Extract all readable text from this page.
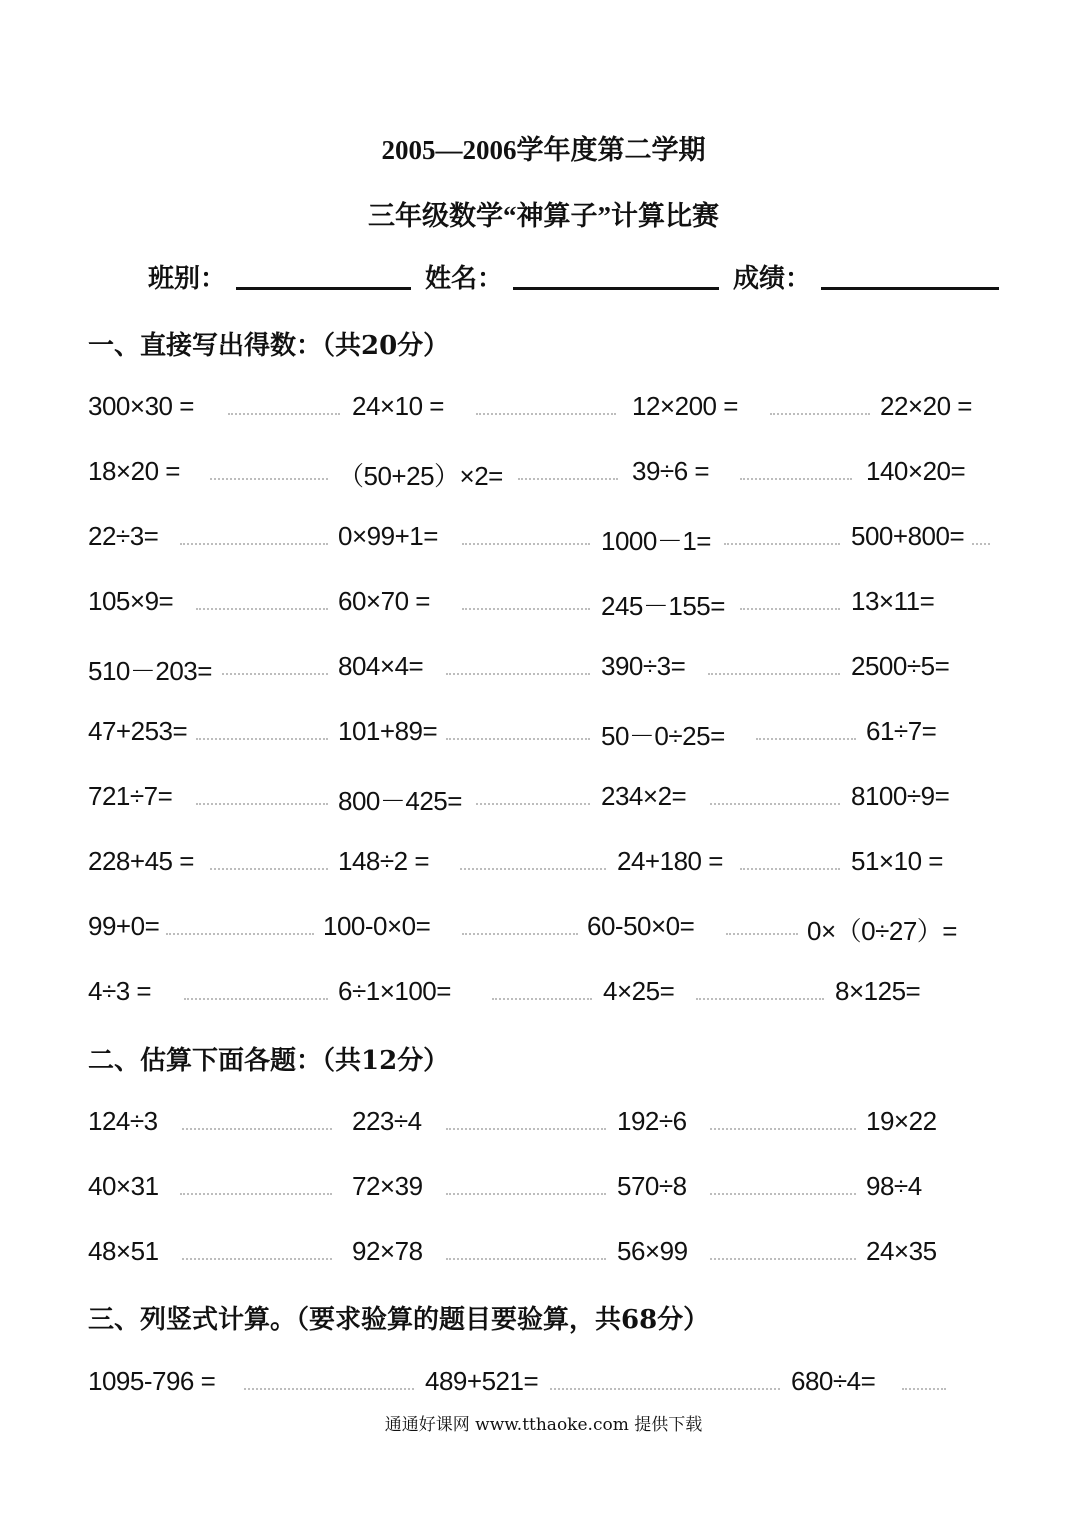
2005—2006学年度第二学期
三年级数学“神算子”计算比赛
班别：	姓名：	成绩：
一、直接写出得数：（共20分）
300×30 =	24×10 =	12×200 =	22×20 =
18×20 =	（50+25）×2=	39÷6 =	140×20=
22÷3=	0×99+1=	1000－1=	500+800=
105×9=	60×70 =	245－155=	13×11=
510－203=	804×4=	390÷3=	2500÷5=
47+253=	101+89=	50－0÷25=	61÷7=
721÷7=	800－425=	234×2=	8100÷9=
228+45 =	148÷2 =	24+180 =	51×10 =
99+0=	100-0×0=	60-50×0=	0×（0÷27）=
4÷3 =	6÷1×100=	4×25=	8×125=
二、估算下面各题：（共12分）
124÷3	223÷4	192÷6	19×22
40×31	72×39	570÷8	98÷4
48×51	92×78	56×99	24×35
三、列竖式计算。（要求验算的题目要验算，共68分）
1095-796 =	489+521=	680÷4=
通通好课网 www.tthaoke.com 提供下载
